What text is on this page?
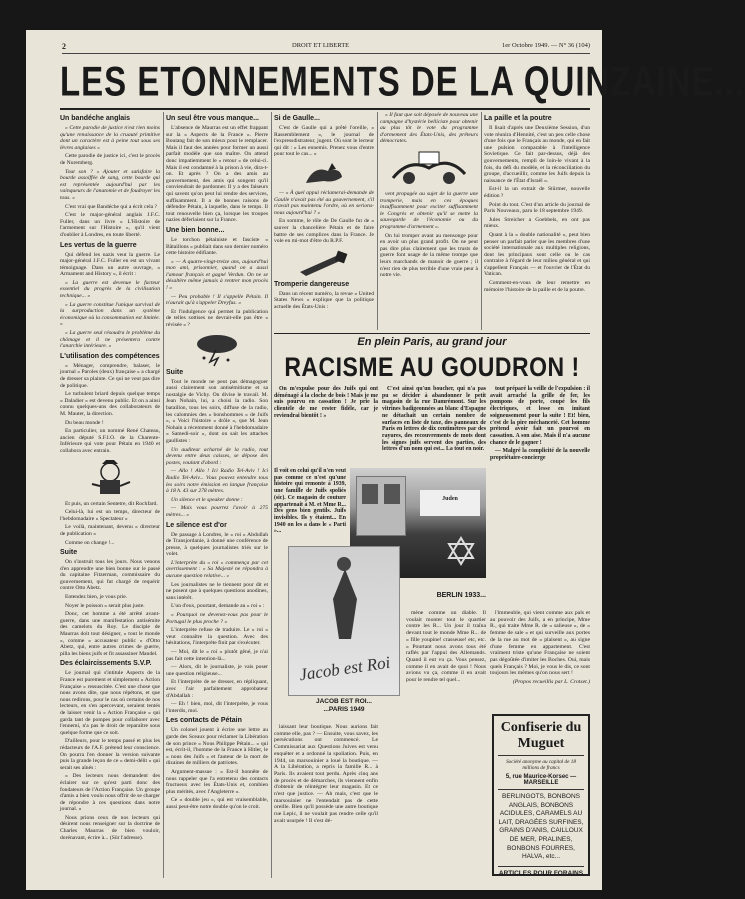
2	DROIT ET LIBERTE	1er Octobre 1949. — N° 36 (104)
LES ETONNEMENTS DE LA QUINZAINE...
Un bandéche anglais

« Cette parodie de justice n'est rien moins qu'une renaissance de la cruauté primitive dont un caractère est à peine tout sous ses lèvres anglaises »

Cette parodie de justice ici, c'est le procès de Nuremberg.

Tout son ? « Ajouter et satisfaire la bourde assoiffée de sang, cette bourde qui est représentée aujourd'hui par les vainqueurs de l'anatomie et de foudroyer les tous. »

C'est vrai que Bandéche qui a écrit cela ?

C'est le major-général anglais J.F.C. Fuller, dans un livre « L'Histoire de l'armement sur l'Histoire », qu'il vient d'oublier à Londres, en toute liberté.

Les vertus de la guerre

Qui défend les nazis veut la guerre. Le major-général J.F.C. Fuller en est un vivant témoignage. Dans un autre ouvrage, « Armament and History », il écrit :

« La guerre est devenue le facteur essentiel du progrès de la civilisation technique... »

« La guerre constitue l'unique survival de la surproduction dans un système économique où la consommation est limitée. »

« La guerre seul résoudra le problème du chômage et il ne présentera contre l'anarchie intérieure. »

L'utilisation des compétences

« Ménager, comprendre, balaser, le journal « Paroles (deux) française » a chargé de dresser sa plainte. Ce qui ne veut pas dire de politique.

Le turbulent briard depuis quelque temps « Daladier » est devenu public. Et on a ainsi connu quelques-uns des collaborateurs de M. Mauter, la direction.

Du beau monde !

En particulier, un nommé René Chateau, ancien député S.F.I.O. de la Charente-Inférieure qui vote pour Pétain en 1940 et collabora avec entrain.

Et puis, un certain Sentetre, dit Rochfard.

Celui-là, lui est un temps, directeur de l'hebdomadaire « Spectateur »

Le voilà, maintenant, devenu « directeur de publication »

Comme on change !...

Suite

On s'instruit tous les jours. Nous venons d'en apprendre une bien bonne sur le passé du capitaine Fitzerman, commissaire du gouvernement, qui fut chargé de requérir contre Otto Abetz.

Entendez bien, je vous prie.

Noyer le poisson » serait plus juste.

Donc, cet homme a été arrêté avant-guerre, dans une manifestation antisémite des camelots du Roy. Le disciple de Maurras doit tout désigner, « tout le monde », comme « accusateur public » d'Otto Abetz, qui, entre autres crimes de guerre, pilla les biens juifs et fit assassiner Mandel.

Des éclaircissements S.V.P.

Le journal qui s'intitule Aspects de la France est purement et simplement « Action Française » ressuscitée. C'est une chose que nous avons dite, que nous répétons, et que nous redirons, pour le cas où certains de nos lecteurs, en s'en apercevant, seraient tentés de laisser venir la « Action Française » qui garda tant de pompes pour collaborer avec l'ennemi, n'a pas le droit de reparaître sous quelque forme que ce soit.

D'ailleurs, pour le temps passé et plus les rédacteurs de l'A.F. prétend leur conscience. On pourra l'en donner la version suivante puis la grande leçon de ce « demi-délit » qui serait ses aînés :

« Des lecteurs nous demandent des éclairer sur ce qu'est parti donc des fondateurs de l'Action Française. Un groupe d'amis a bien voulu nous offrir de se charger de répondre à ces questions dans notre journal. »

Nous prions ceux de nos lecteurs qui désirent nous renseigner sur la doctrine de Charles Maurras de bien vouloir, dorénavant, écrire à... (Sûr l'adresse).

Un seul être vous manque...

L'absence de Maurras est un effet frappant sur la « Aspects de la France ». Pierre Boutang fait de son mieux pour le remplacer. Mais il faut des années pour former un aussi parfait modèle que son maître. On attend donc impatiemment le « retour » de celui-ci. Mais il est condamné à la prison à vie, dira-t-on. Et après ? On a des amis au gouvernement, des amis qui songent qu'il conviendrait de pardonner. Il y a des faiseurs qui savent qu'on peut lui rendre des services, suffisamment. Il a de bonnes raisons de défendre Pétain, à laquelle, dans le temps. Il tout renouvelle bien ça, lorsque les troupes nazies déferlaient sur la France.

Une bien bonne...

Le torchon pétainiste et fasciste « Bâtaillons » publiait dans son dernier numéro cette histoire édifiante.

« — A quatre-vingt-treize ans, aujourd'hui mon ami, prisonnier, quand on a aussi l'amour français et gagné Verdun. On ne se désaltère même jamais à rentrer mon procès ! »

— Peu probable ! Il s'appelle Pétain. Il n'aurait qu'à s'appeler Dreyfus. »

Et l'indulgence qui permet la publication de telles sottises ne devrait-elle pas être « révisée » ?

Suite

Tout le monde ne peut pas démagoguer aussi clairement son antisémitisme et sa nostalgie de Vichy. On divise le travail. M. Jean Nohain, lui, a choisi la radio. Son bataillon, tous les soirs, diffuse de la radio, les calomnies des « bonshommes » de Juifs », « Voici l'histoire » drôle », que M. Jean Nohain a récemment donné à l'hebdomadaire « Samedi-soir », dont on sait les attaches gaullistes :

Un auditeur acharné de la radio, tout devenu entre deux caisses, se dépose des postes, voulant d'abord :

— Allo ! Allo ! Ici Radio Tel-Aviv ! Ici Radio Tel-Aviv... Vous pouvez entendre tous les soirs notre émission en langue française à 18 h. 43 sur 278 mètres.

Un silence et le speaker donne :

— Mais vous pourrez l'avoir à 275 mètres... »

Le silence est d'or

De passage à Londres, le « roi » Abdullah de Transjordanie, à donné une conférence de presse, à quelques journalistes triés sur le volet.

L'interprète du « roi » commença par cet avertissement : « Sa Majesté ne répondra à aucune question relative... »

Les journalistes ne le tiennent pour dit et ne posent que à quelques questions anodines, sans intérêt.

L'un d'eux, pourtant, demande au « roi » :

« Pourquoi ne devenez-vous pas pour le Portugal le plus proche ? »

L'interprète refuse de traduire. Le « roi » veut connaître la question. Avec des hésitations, l'interprète finit par s'exécuter.

— Moi, dit le « roi » plutôt gêné, je n'ai pas fait cette intention-là...

— Alors, dit le journaliste, je vais poser une question religieuse...

Et l'interprète de se dresser, en répliquant, avec l'air parfaitement approbateur d'Abdallah :

— Eh ! bien, moi, dit l'interprète, je vous l'interdis, moi.

Les contacts de Pétain

Un colonel jouent à écrire une lettre au garde des Sceaux pour réclamer la Libération de son prince « Nous Philippe Pétain... » qui est, écrit-il, l'homme de la France à Hitler, le « nous des Juifs » et l'auteur de la mort de dizaines de milliers de patriotes.

Argument-massue : « Est-il honnête de nous rappeler que l'a entretenu des contacts fructueux avec les États-Unis et, combien plus mérités, avec l'Angleterre ».

Ce « double jeu », qui est vraisemblable, aussi peut-être notre double qu'on le croit.

Si de Gaulle...

C'est de Gaulle qui a prêté l'oreille, « Rassemblement », le journal de l'expressdistrateur, jugent. Où sont le lecteur qui dit : « Les ennemis. Prenez vous d'entre pour tout le cas... »

— « À quel appui réclamerai-demande de Gaulle n'avait pas été au gouvernement, s'il n'avait pas maintenu l'ordre, où en serions-nous aujourd'hui ? »

En somme, le rôle de De Gaulle fut de « sauver la chancelière Pétain et de faire battre de ses complices dans la France. Je vole en mi-mot d'être du R.P.F.

Tromperie dangereuse

Dans un récent numéro, la revue « United States News » explique que la politique actuelle des États-Unis :

« Il faut que soit déposée de nouveau une campagne d'hystérie belliciste pour obtenir au plus tôt le vote du programme d'armement des États-Unis, des prêteurs démocrates.

vent propagée au sujet de la guerre une tromperie, mais en ces époques insuffisamment pour exciter suffisamment le Congrès et obtenir qu'il se mette la sauvegarde de l'économie ou du programme d'armement ».

On lui tromper avant au mensonge pour en avoir un plus grand profit. On ne peut pas dire plus clairement que les trusts de guerre font usage de la même trompe que leurs marchands de manoir de guerre ; il n'est rien de plus terrible d'une vraie peur à notre vie.

La paille et la poutre

Il lisait d'après une Deuxième Session, d'un vote réunira d'Hennité, c'est un peu celle chose d'une fois que le Français au monde, qui en fait une pulsion comparable à l'intelligence Sovietique. Ce fait par-dessus, déjà des gouvernements, rempli de loin-le vivant à la fois, du défi du modèle, et la réconciliation du groupe, d'accueillir, comme les Juifs depuis la naissance de l'État d'Israël ».

Est-il la un extrait de Stürmer, nouvelle édition ?

Point du tout. C'est d'un article du journal de Paris Nouveaux, paru le 18 septembre 1949.

Jules Streicher a Goebbels, en ont pas mieux.

Quant à la « double nationalité », peut bien penser un parfait parler que les membres d'une société internationale aux multiples religions, dont les principaux sont celle ou le cas contraire à l'égard de leur milieu général et qui s'appellent Français — et l'ouvrier de l'État du Vatican.

Comment-en-vous de leur remettre en mémoire l'histoire de la paille et de la poutre.

En plein Paris, au grand jour
RACISME AU GOUDRON !

On m'expulse pour des Juifs qui ont déménagé à la cloche de bois ! Mais je me suis pourvu en cassation ! Je prie la clientèle de me rester fidèle, car je reviendrai bientôt ! »

C'est ainsi qu'un boucher, qui n'a pas pu se décider à abandonner le petit magasin de la rue Damrémont. Sur les vitrines badigeonnées au blanc d'Espagne ne détachait un certain nombre de surfaces en liste de taxe, des panneaux de Paris en lettres de dix centimètres par des rayures, des recouvrements de mots dont les signes juifs servent des parties, des lettres d'un nom qui est... La tout en noir.

tout préparé la veille de l'expulsion : il avait arraché la grille de fer, les pompons de porte, coupé les fils électriques, et lesse en imitant soigneusement pour la suite ! Et! bien, c'est de la pire méchanceté. Cet homme prétend avoir fait un pourvoi en cassation. A son aise. Mais il n'a aucune chance de le gagner !

— Malgré la complicité de la nouvelle propriétaire-concierge

Il voit en celui qu'il n'en veut pas comme ce n'est qu'une histoire qui remonte à 1939, une famille de Juifs spoliés (sic). Ce magasin de couture appartenait à M. et Mme R... Des gens bien gentils. Juifs invisibles. Ils y étaient... En 1940 on les a dans le « Parti »...

Juden
BERLIN 1933...
Jacob est Roi
JACOB EST ROI...
...PARIS 1949

laissant leur boutique. Nous aurions fait comme elle, pas ? — Ensuite, vous savez, les persécutions ont commencé. Le Commissariat aux Questions Juives est venu enquêter et a ordonné la spoliation. Puis, en 1944, un marsouinier a loué la boutique. — A la Libération, a repris la famille R... à Paris. Ils avaient tout perdu. Après cinq ans de procès et de démarches, ils viennent enfin d'obtenir de réintégrer leur magasin. Et ce n'est que justice. — Ah mais, c'est que le marsouinier ne l'entendait pas de cette oreille. Bien qu'il possède une autre boutique rue Lepic, il ne voulait pas rendre celle qu'il avait usurpée ! Il s'est dé-

mène comme un diable. Il voulait monter tout le quartier contre les R... Un jour il traîna devant tout le monde Mme R... de « fille youpine! crasseuse! etc, etc. » Pourtant nous avons tous été raflés par l'appui des Allemands. Quand il eut vu ça. Vous pensez, comme il en avait de quoi ! Nous avions vu ça, comme il en avait pour le rendre tel quel...

l'immeuble, qui vient comme aux pals et au pouvoir des Juifs, a en principe, Mme R., qui traite Mme R. de « salieuse », de « femme de sale » et qui surveille aux portes de la rue au mot de « plaisent », au signe d'une femme en appartement. C'est vraiment triste qu'une Française ne soient pas dégoûtée d'imiter les Boches. Oui, mais quels Français ? Moi, je vous le dis, ce sont toujours les mêmes qu'on nous sert !

(Propos recueillis par L. Crotset.)
Confiserie du Muguet
Société anonyme au capital de 18 millions de francs
5, rue Maurice-Korsec — MARSEILLE
BERLINGOTS, BONBONS ANGLAIS, BONBONS ACIDULES, CARAMELS AU LAIT, DRAGÉES SURFINES, GRAINS D'ANIS, CAILLOUX DE MER, PRALINES, BONBONS FOURRES, HALVA, etc...
ARTICLES POUR FORAINS
